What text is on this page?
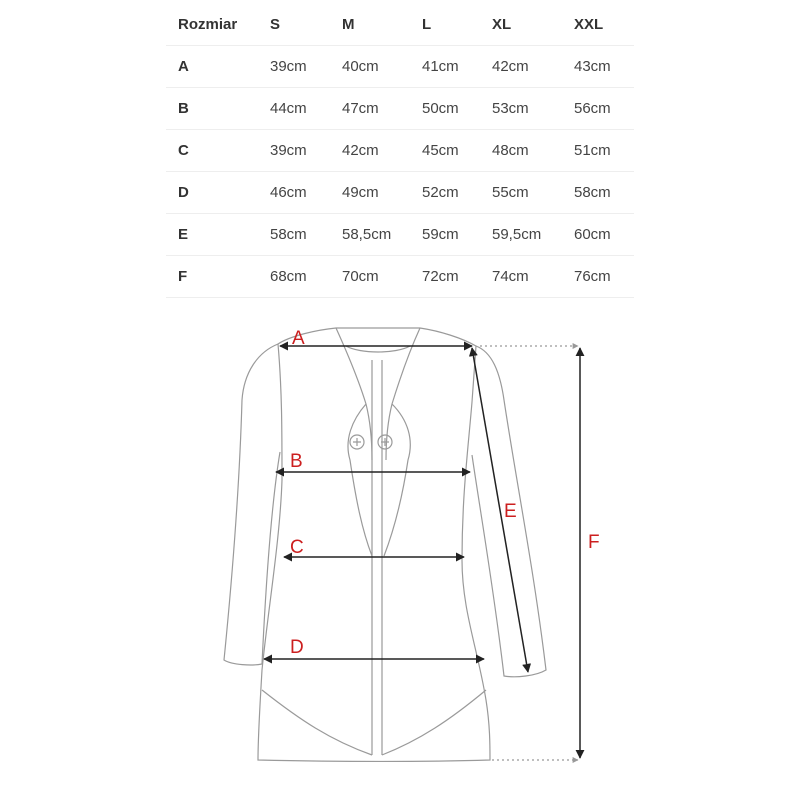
Rozmiar	S	M	L	XL	XXL
A	39cm	40cm	41cm	42cm	43cm
B	44cm	47cm	50cm	53cm	56cm
C	39cm	42cm	45cm	48cm	51cm
D	46cm	49cm	52cm	55cm	58cm
E	58cm	58,5cm	59cm	59,5cm	60cm
F	68cm	70cm	72cm	74cm	76cm
A
B
C
D
E
F
